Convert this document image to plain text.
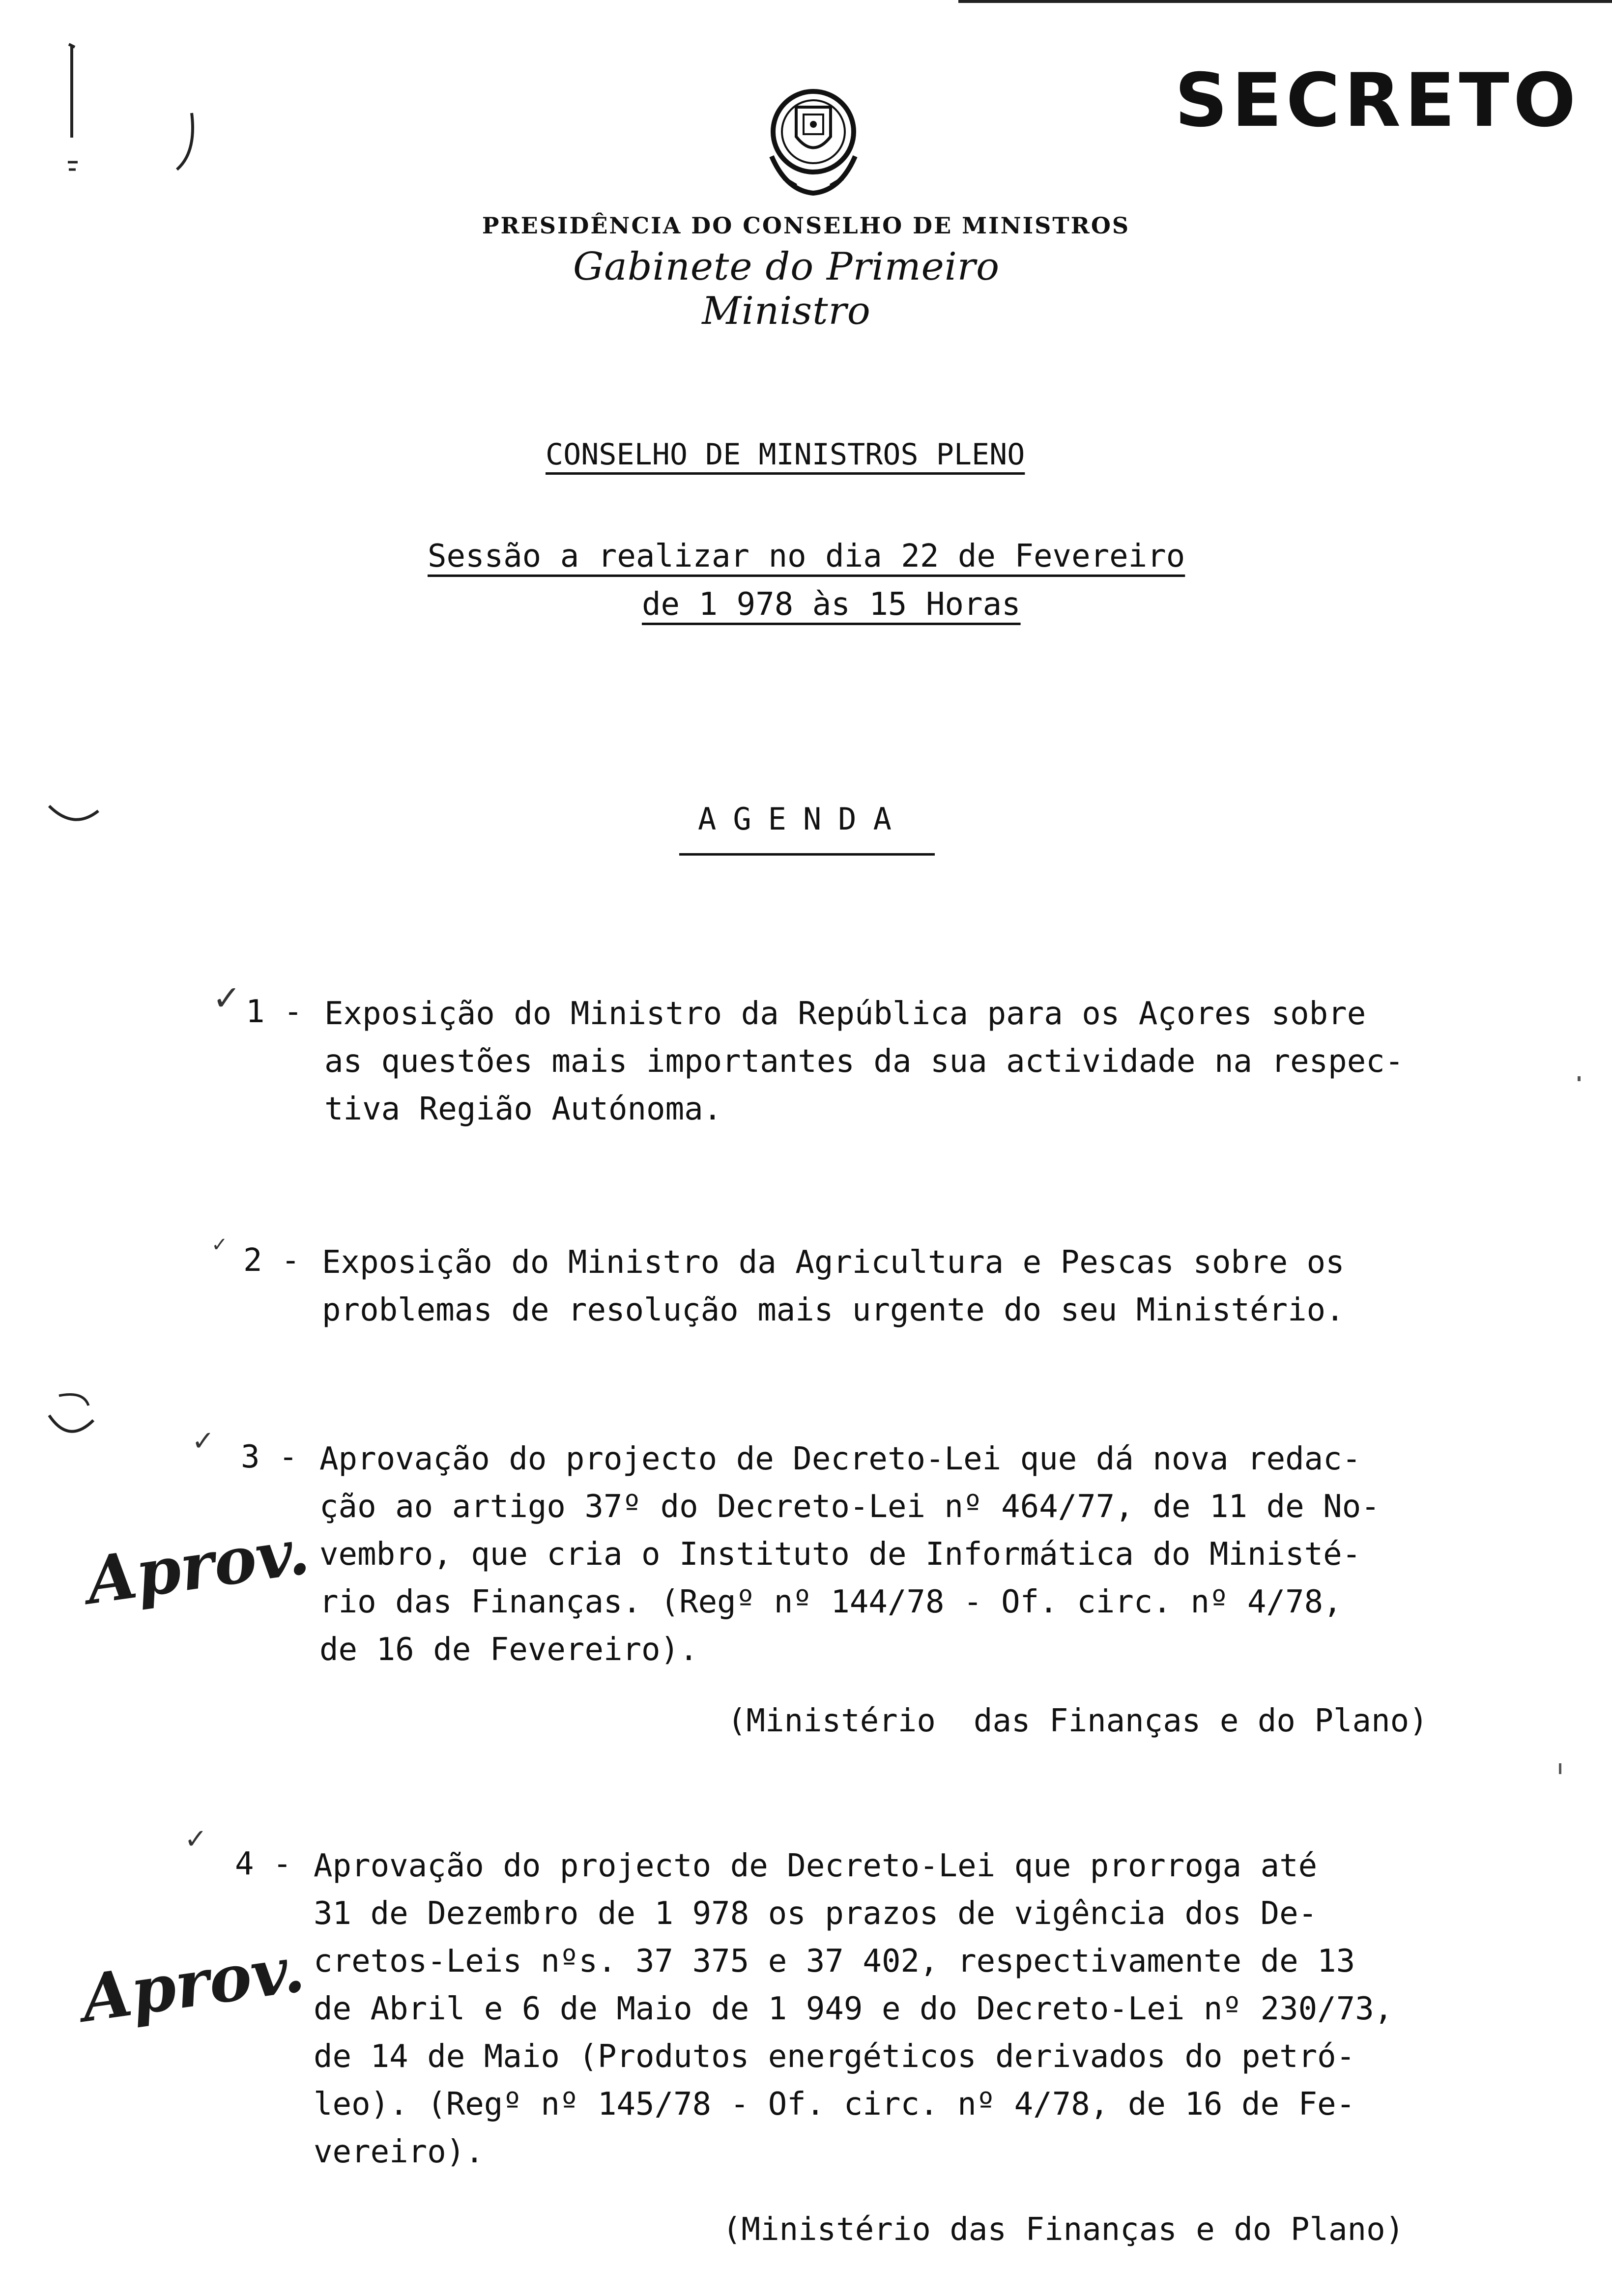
SECRETO
PRESIDÊNCIA DO CONSELHO DE MINISTROS
Gabinete do Primeiro Ministro
CONSELHO DE MINISTROS PLENO
Sessão a realizar no dia 22 de Fevereiro
de 1 978 às 15 Horas
AGENDA
✓ 1 - Exposição do Ministro da República para os Açores sobre
as questões mais importantes da sua actividade na respec-
tiva Região Autónoma.
✓ 2 - Exposição do Ministro da Agricultura e Pescas sobre os
problemas de resolução mais urgente do seu Ministério.
✓ 3 - Aprovação do projecto de Decreto-Lei que dá nova redac-
ção ao artigo 37º do Decreto-Lei nº 464/77, de 11 de No-
vembro, que cria o Instituto de Informática do Ministé-
rio das Finanças. (Regº nº 144/78 - Of. circ. nº 4/78,
de 16 de Fevereiro).
Aprov.
(Ministério  das Finanças e do Plano)
✓
4 - Aprovação do projecto de Decreto-Lei que prorroga até
31 de Dezembro de 1 978 os prazos de vigência dos De-
cretos-Leis nºs. 37 375 e 37 402, respectivamente de 13
de Abril e 6 de Maio de 1 949 e do Decreto-Lei nº 230/73,
de 14 de Maio (Produtos energéticos derivados do petró-
leo). (Regº nº 145/78 - Of. circ. nº 4/78, de 16 de Fe-
vereiro).
Aprov.
(Ministério das Finanças e do Plano)
